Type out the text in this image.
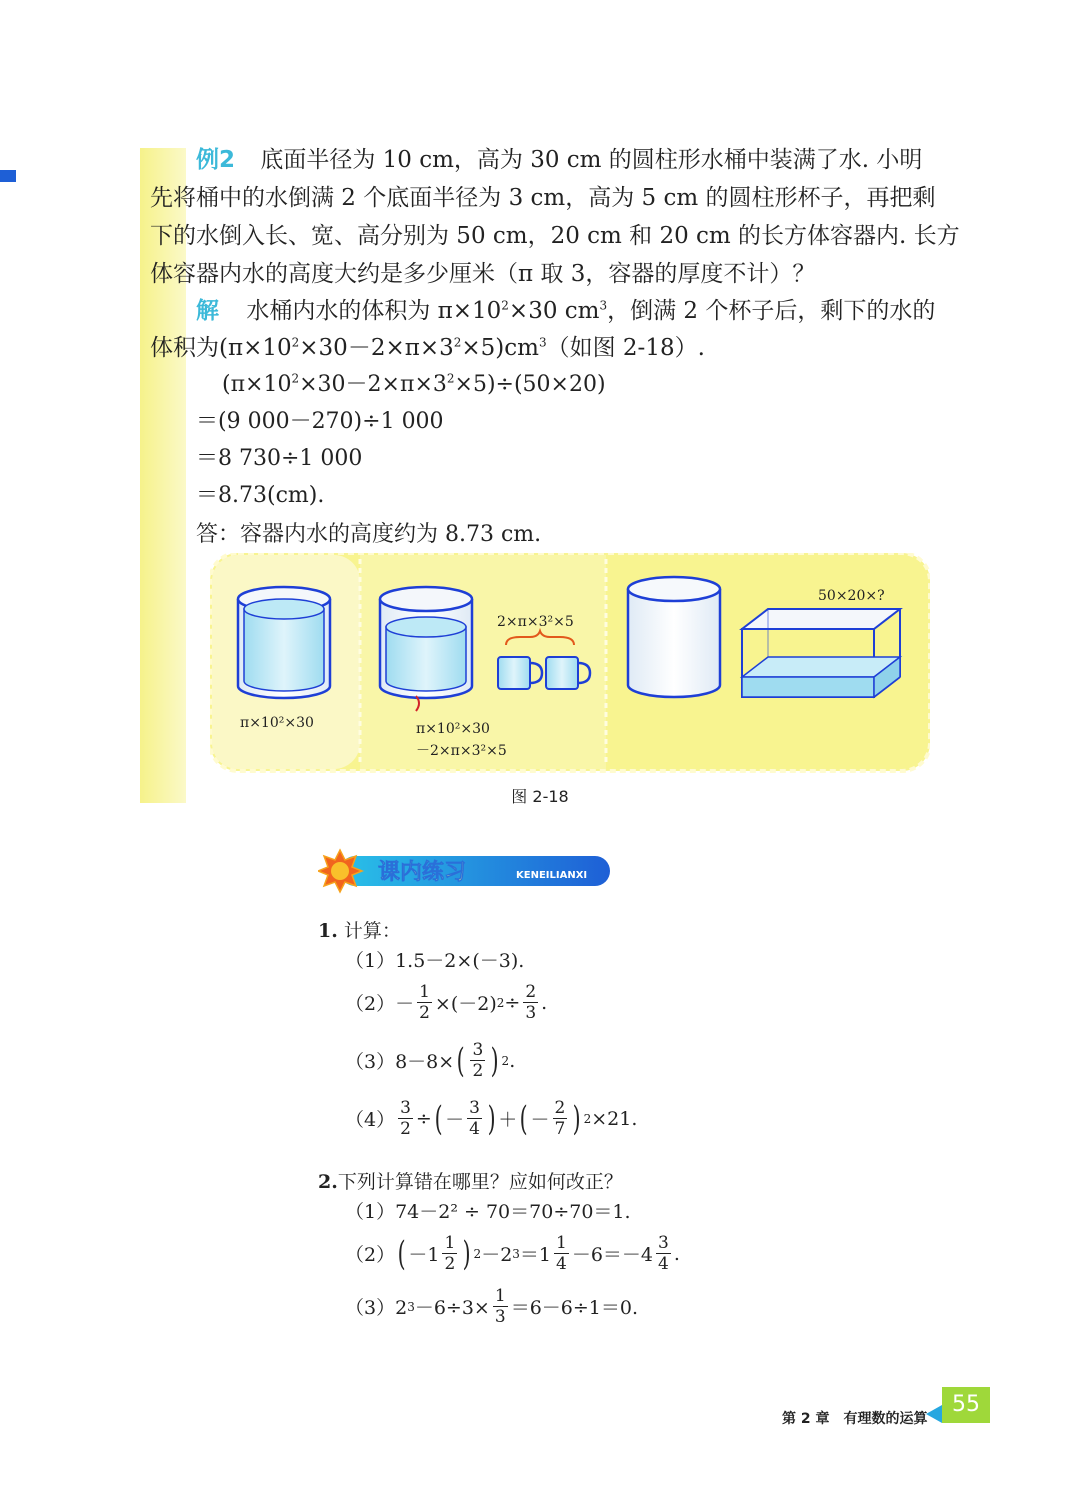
例2 底面半径为 10 cm，高为 30 cm 的圆柱形水桶中装满了水. 小明
先将桶中的水倒满 2 个底面半径为 3 cm，高为 5 cm 的圆柱形杯子，再把剩
下的水倒入长、宽、高分别为 50 cm，20 cm 和 20 cm 的长方体容器内. 长方
体容器内水的高度大约是多少厘米（π 取 3，容器的厚度不计）？
解 水桶内水的体积为 $\pi\times 10^2\times 30$ $cm^3$，倒满 2 个杯子后，剩下的水的
体积为$(\pi\times 10^2\times 30-2\times\pi\times 3^2\times 5)cm^3$（如图 2-18）.
$(\pi\times 10^2\times 30-2\times\pi\times 3^2\times 5)\div(50\times 20)$
＝(9 000－270)÷1 000
＝8 730÷1 000
＝8.73(cm).
答：容器内水的高度约为 8.73 cm.
π×10²×30	π×10²×30
－2×π×3²×5
2×π×3²×5
50×20×?
图 2-18
课内练习	KENEILIANXI
1. 计算：
（1）1.5－2×(－3).
$(2)- \frac{1}{2} \times(-2) 2 \div \frac{2}{3}$ .
（3）8－8× ( $\frac{3}{2}$ ) 2 .
$(4) \frac{3}{2}$ ÷ ( － $\frac{3}{4}$ ) ＋ ( － $\frac{2}{7}$ ) 2 ×21.
2.下列计算错在哪里？应如何改正？
（1）74－2² ÷ 70＝70÷70＝1.
（2） ( $-1 \frac{1}{2}$ ) 2 －2 $3 =1 \frac{1}{4} -6=-4 \frac{3}{4}$ .
（3）2 $3 -6\div 3\times \frac{1}{3} =6-6\div 1=0$.
第 2 章　有理数的运算
55
